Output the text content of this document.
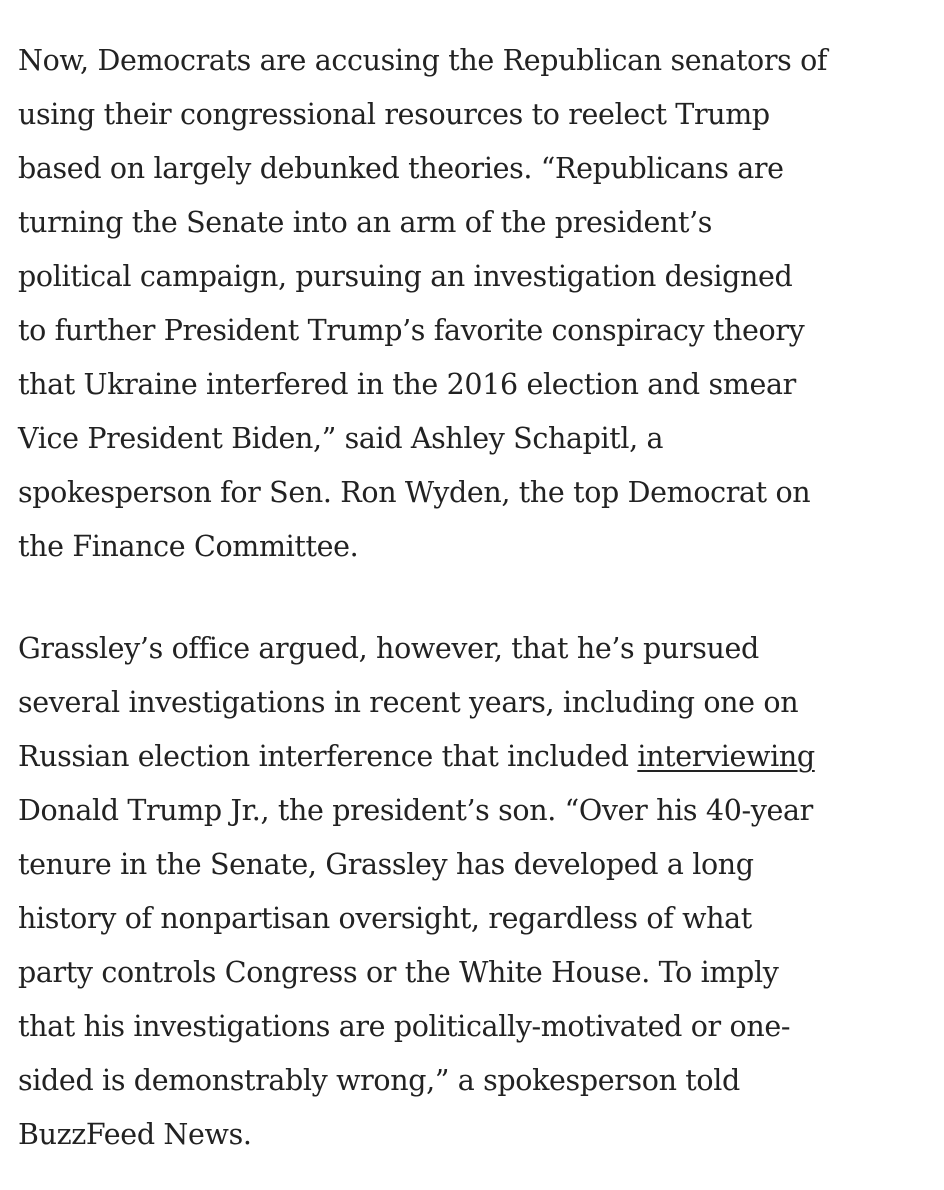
Now, Democrats are accusing the Republican senators of
using their congressional resources to reelect Trump
based on largely debunked theories. “Republicans are
turning the Senate into an arm of the president’s
political campaign, pursuing an investigation designed
to further President Trump’s favorite conspiracy theory
that Ukraine interfered in the 2016 election and smear
Vice President Biden,” said Ashley Schapitl, a
spokesperson for Sen. Ron Wyden, the top Democrat on
the Finance Committee.

Grassley’s office argued, however, that he’s pursued
several investigations in recent years, including one on
Russian election interference that included interviewing
Donald Trump Jr., the president’s son. “Over his 40-year
tenure in the Senate, Grassley has developed a long
history of nonpartisan oversight, regardless of what
party controls Congress or the White House. To imply
that his investigations are politically-motivated or one-
sided is demonstrably wrong,” a spokesperson told
BuzzFeed News.
